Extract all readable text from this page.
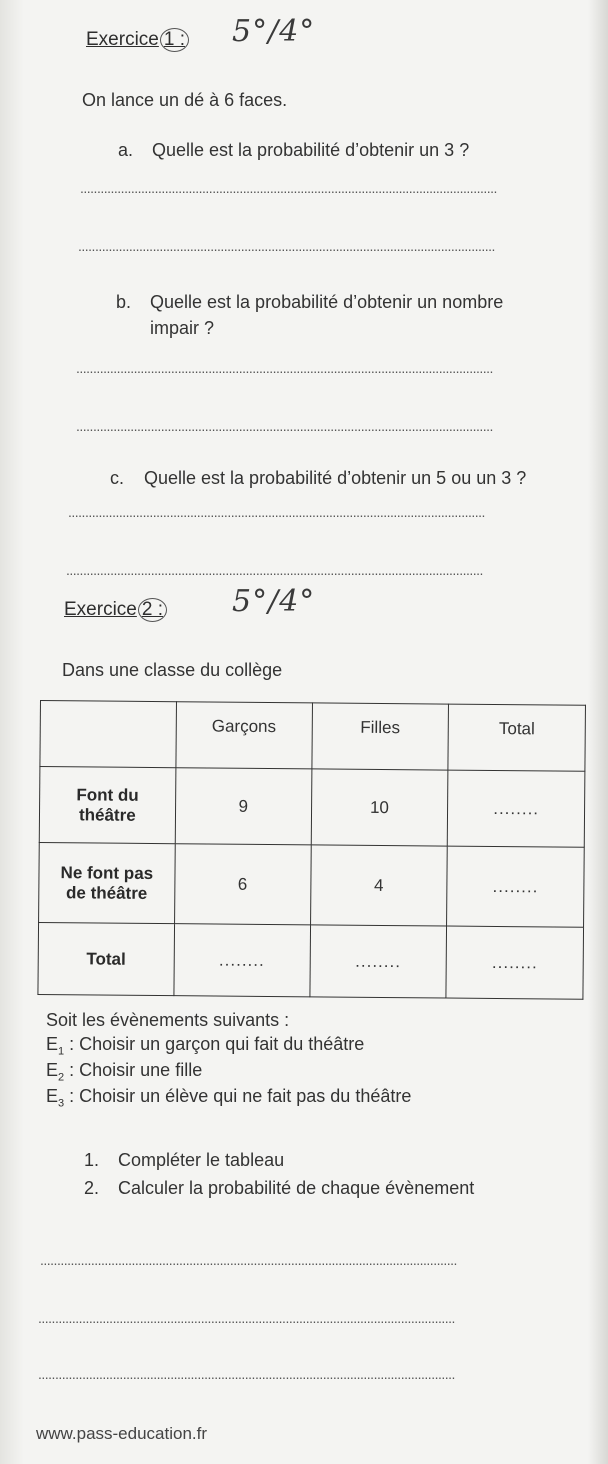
Exercice 1 : 5°/4°
On lance un dé à 6 faces.
a. Quelle est la probabilité d’obtenir un 3 ?
...........................................................................................................................
...........................................................................................................................
b. Quelle est la probabilité d’obtenir un nombre
impair ?
...........................................................................................................................
...........................................................................................................................
c. Quelle est la probabilité d’obtenir un 5 ou un 3 ?
...........................................................................................................................
...........................................................................................................................
Exercice 2 : 5°/4°
Dans une classe du collège
	Garçons	Filles	Total
Font du
théâtre	9	10	........
Ne font pas
de théâtre	6	4	........
Total	........	........	........
Soit les évènements suivants :
$E_1$ : Choisir un garçon qui fait du théâtre
$E_2$ : Choisir une fille
$E_3$ : Choisir un élève qui ne fait pas du théâtre
1. Compléter le tableau
2. Calculer la probabilité de chaque évènement
...........................................................................................................................
...........................................................................................................................
...........................................................................................................................
www.pass-education.fr
